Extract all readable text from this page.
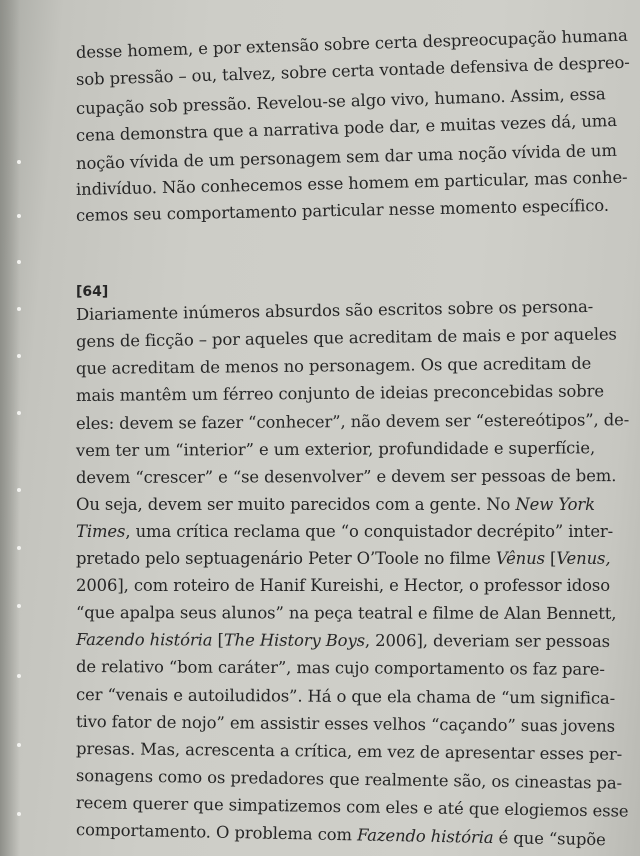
desse homem, e por extensão sobre certa despreocupação humana
sob pressão – ou, talvez, sobre certa vontade defensiva de despreo-
cupação sob pressão. Revelou-se algo vivo, humano. Assim, essa
cena demonstra que a narrativa pode dar, e muitas vezes dá, uma
noção vívida de um personagem sem dar uma noção vívida de um
indivíduo. Não conhecemos esse homem em particular, mas conhe-
cemos seu comportamento particular nesse momento específico.
[64]
Diariamente inúmeros absurdos são escritos sobre os persona-
gens de ficção – por aqueles que acreditam de mais e por aqueles
que acreditam de menos no personagem. Os que acreditam de
mais mantêm um férreo conjunto de ideias preconcebidas sobre
eles: devem se fazer “conhecer”, não devem ser “estereótipos”, de-
vem ter um “interior” e um exterior, profundidade e superfície,
devem “crescer” e “se desenvolver” e devem ser pessoas de bem.
Ou seja, devem ser muito parecidos com a gente. No New York
Times, uma crítica reclama que “o conquistador decrépito” inter-
pretado pelo septuagenário Peter O’Toole no filme Vênus [Venus,
2006], com roteiro de Hanif Kureishi, e Hector, o professor idoso
“que apalpa seus alunos” na peça teatral e filme de Alan Bennett,
Fazendo história [The History Boys, 2006], deveriam ser pessoas
de relativo “bom caráter”, mas cujo comportamento os faz pare-
cer “venais e autoiludidos”. Há o que ela chama de “um significa-
tivo fator de nojo” em assistir esses velhos “caçando” suas jovens
presas. Mas, acrescenta a crítica, em vez de apresentar esses per-
sonagens como os predadores que realmente são, os cineastas pa-
recem querer que simpatizemos com eles e até que elogiemos esse
comportamento. O problema com Fazendo história é que “supõe
